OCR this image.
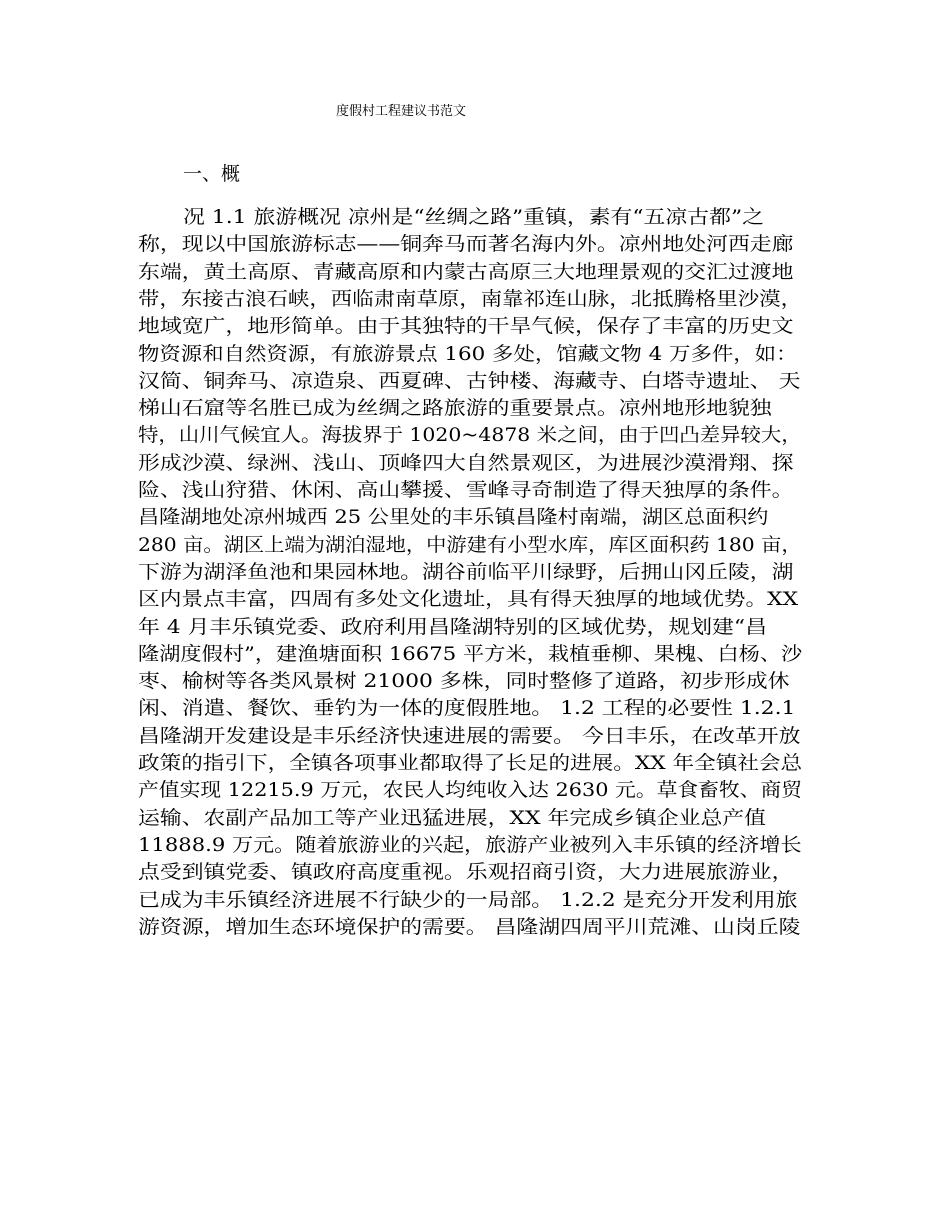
度假村工程建议书范文
一、概
况 1.1 旅游概况 凉州是“丝绸之路”重镇，素有“五凉古都”之
称，现以中国旅游标志——铜奔马而著名海内外。凉州地处河西走廊
东端，黄土高原、青藏高原和内蒙古高原三大地理景观的交汇过渡地
带，东接古浪石峡，西临肃南草原，南靠祁连山脉，北抵腾格里沙漠，
地域宽广，地形简单。由于其独特的干旱气候，保存了丰富的历史文
物资源和自然资源，有旅游景点 160 多处，馆藏文物 4 万多件，如：
汉简、铜奔马、凉造泉、西夏碑、古钟楼、海藏寺、白塔寺遗址、 天
梯山石窟等名胜已成为丝绸之路旅游的重要景点。凉州地形地貌独
特，山川气候宜人。海拔界于 1020~4878 米之间，由于凹凸差异较大，
形成沙漠、绿洲、浅山、顶峰四大自然景观区，为进展沙漠滑翔、探
险、浅山狩猎、休闲、高山攀援、雪峰寻奇制造了得天独厚的条件。
昌隆湖地处凉州城西 25 公里处的丰乐镇昌隆村南端，湖区总面积约
280 亩。湖区上端为湖泊湿地，中游建有小型水库，库区面积药 180 亩，
下游为湖泽鱼池和果园林地。湖谷前临平川绿野，后拥山冈丘陵，湖
区内景点丰富，四周有多处文化遗址，具有得天独厚的地域优势。XX
年 4 月丰乐镇党委、政府利用昌隆湖特别的区域优势，规划建“昌
隆湖度假村”，建渔塘面积 16675 平方米，栽植垂柳、果槐、白杨、沙
枣、榆树等各类风景树 21000 多株，同时整修了道路，初步形成休
闲、消遣、餐饮、垂钓为一体的度假胜地。 1.2 工程的必要性 1.2.1
昌隆湖开发建设是丰乐经济快速进展的需要。 今日丰乐，在改革开放
政策的指引下，全镇各项事业都取得了长足的进展。XX 年全镇社会总
产值实现 12215.9 万元，农民人均纯收入达 2630 元。草食畜牧、商贸
运输、农副产品加工等产业迅猛进展，XX 年完成乡镇企业总产值
11888.9 万元。随着旅游业的兴起，旅游产业被列入丰乐镇的经济增长
点受到镇党委、镇政府高度重视。乐观招商引资，大力进展旅游业，
已成为丰乐镇经济进展不行缺少的一局部。 1.2.2 是充分开发利用旅
游资源，增加生态环境保护的需要。 昌隆湖四周平川荒滩、山岗丘陵
